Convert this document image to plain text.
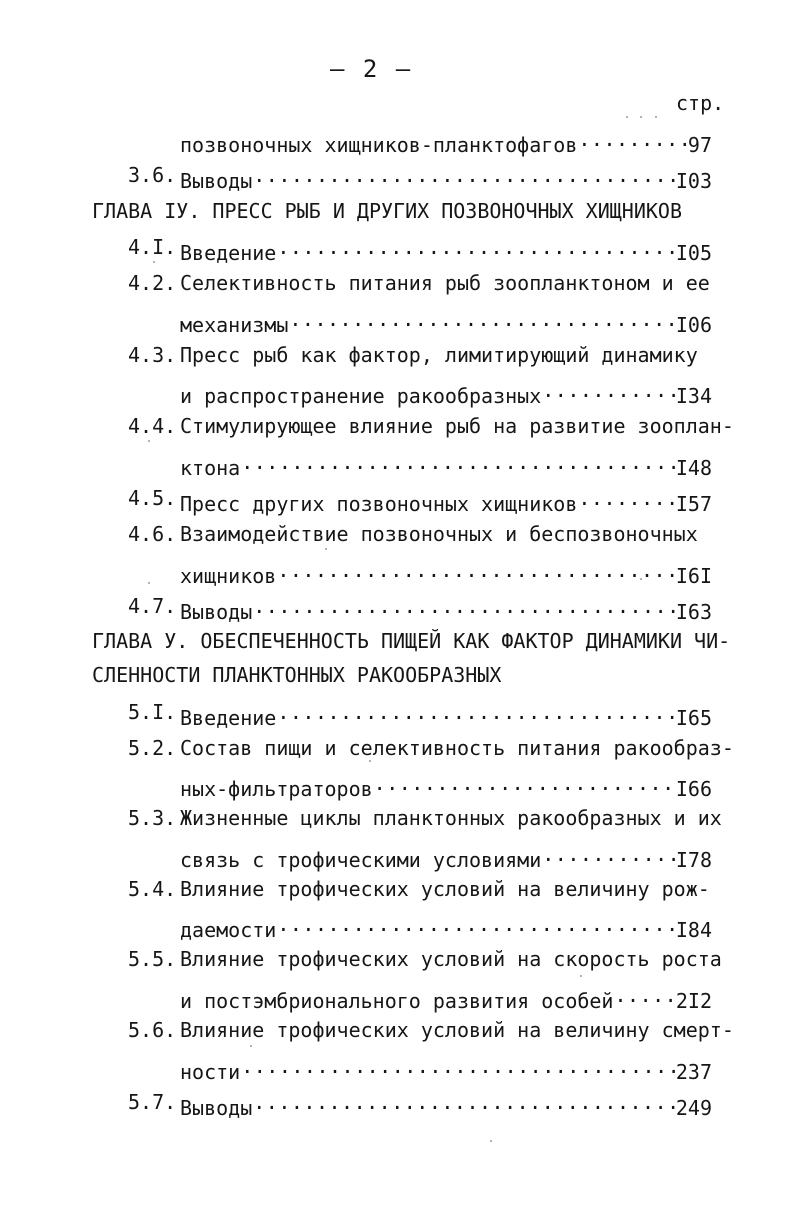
– 2 –
стр.
позвоночных хищников-планктофагов .....	97
3.6. Выводы .....	I03
ГЛАВА IУ. ПРЕСС РЫБ И ДРУГИХ ПОЗВОНОЧНЫХ ХИЩНИКОВ
4.I. Введение .....	I05
4.2. Селективность питания рыб зоопланктоном и ее
механизмы .....	I06
4.3. Пресс рыб как фактор, лимитирующий динамику
и распространение ракообразных .....	I34
4.4. Стимулирующее влияние рыб на развитие зооплан-
ктона .....	I48
4.5. Пресс других позвоночных хищников .....	I57
4.6. Взаимодействие позвоночных и беспозвоночных
хищников .....	I6I
4.7. Выводы .....	I63
ГЛАВА У. ОБЕСПЕЧЕННОСТЬ ПИЩЕЙ КАК ФАКТОР ДИНАМИКИ ЧИ-
СЛЕННОСТИ ПЛАНКТОННЫХ РАКООБРАЗНЫХ
5.I. Введение .....	I65
5.2. Состав пищи и селективность питания ракообраз-
ных-фильтраторов .....	I66
5.3. Жизненные циклы планктонных ракообразных и их
связь с трофическими условиями .....	I78
5.4. Влияние трофических условий на величину рож-
даемости .....	I84
5.5. Влияние трофических условий на скорость роста
и постэмбрионального развития особей .....	2I2
5.6. Влияние трофических условий на величину смерт-
ности .....	237
5.7. Выводы .....	249
